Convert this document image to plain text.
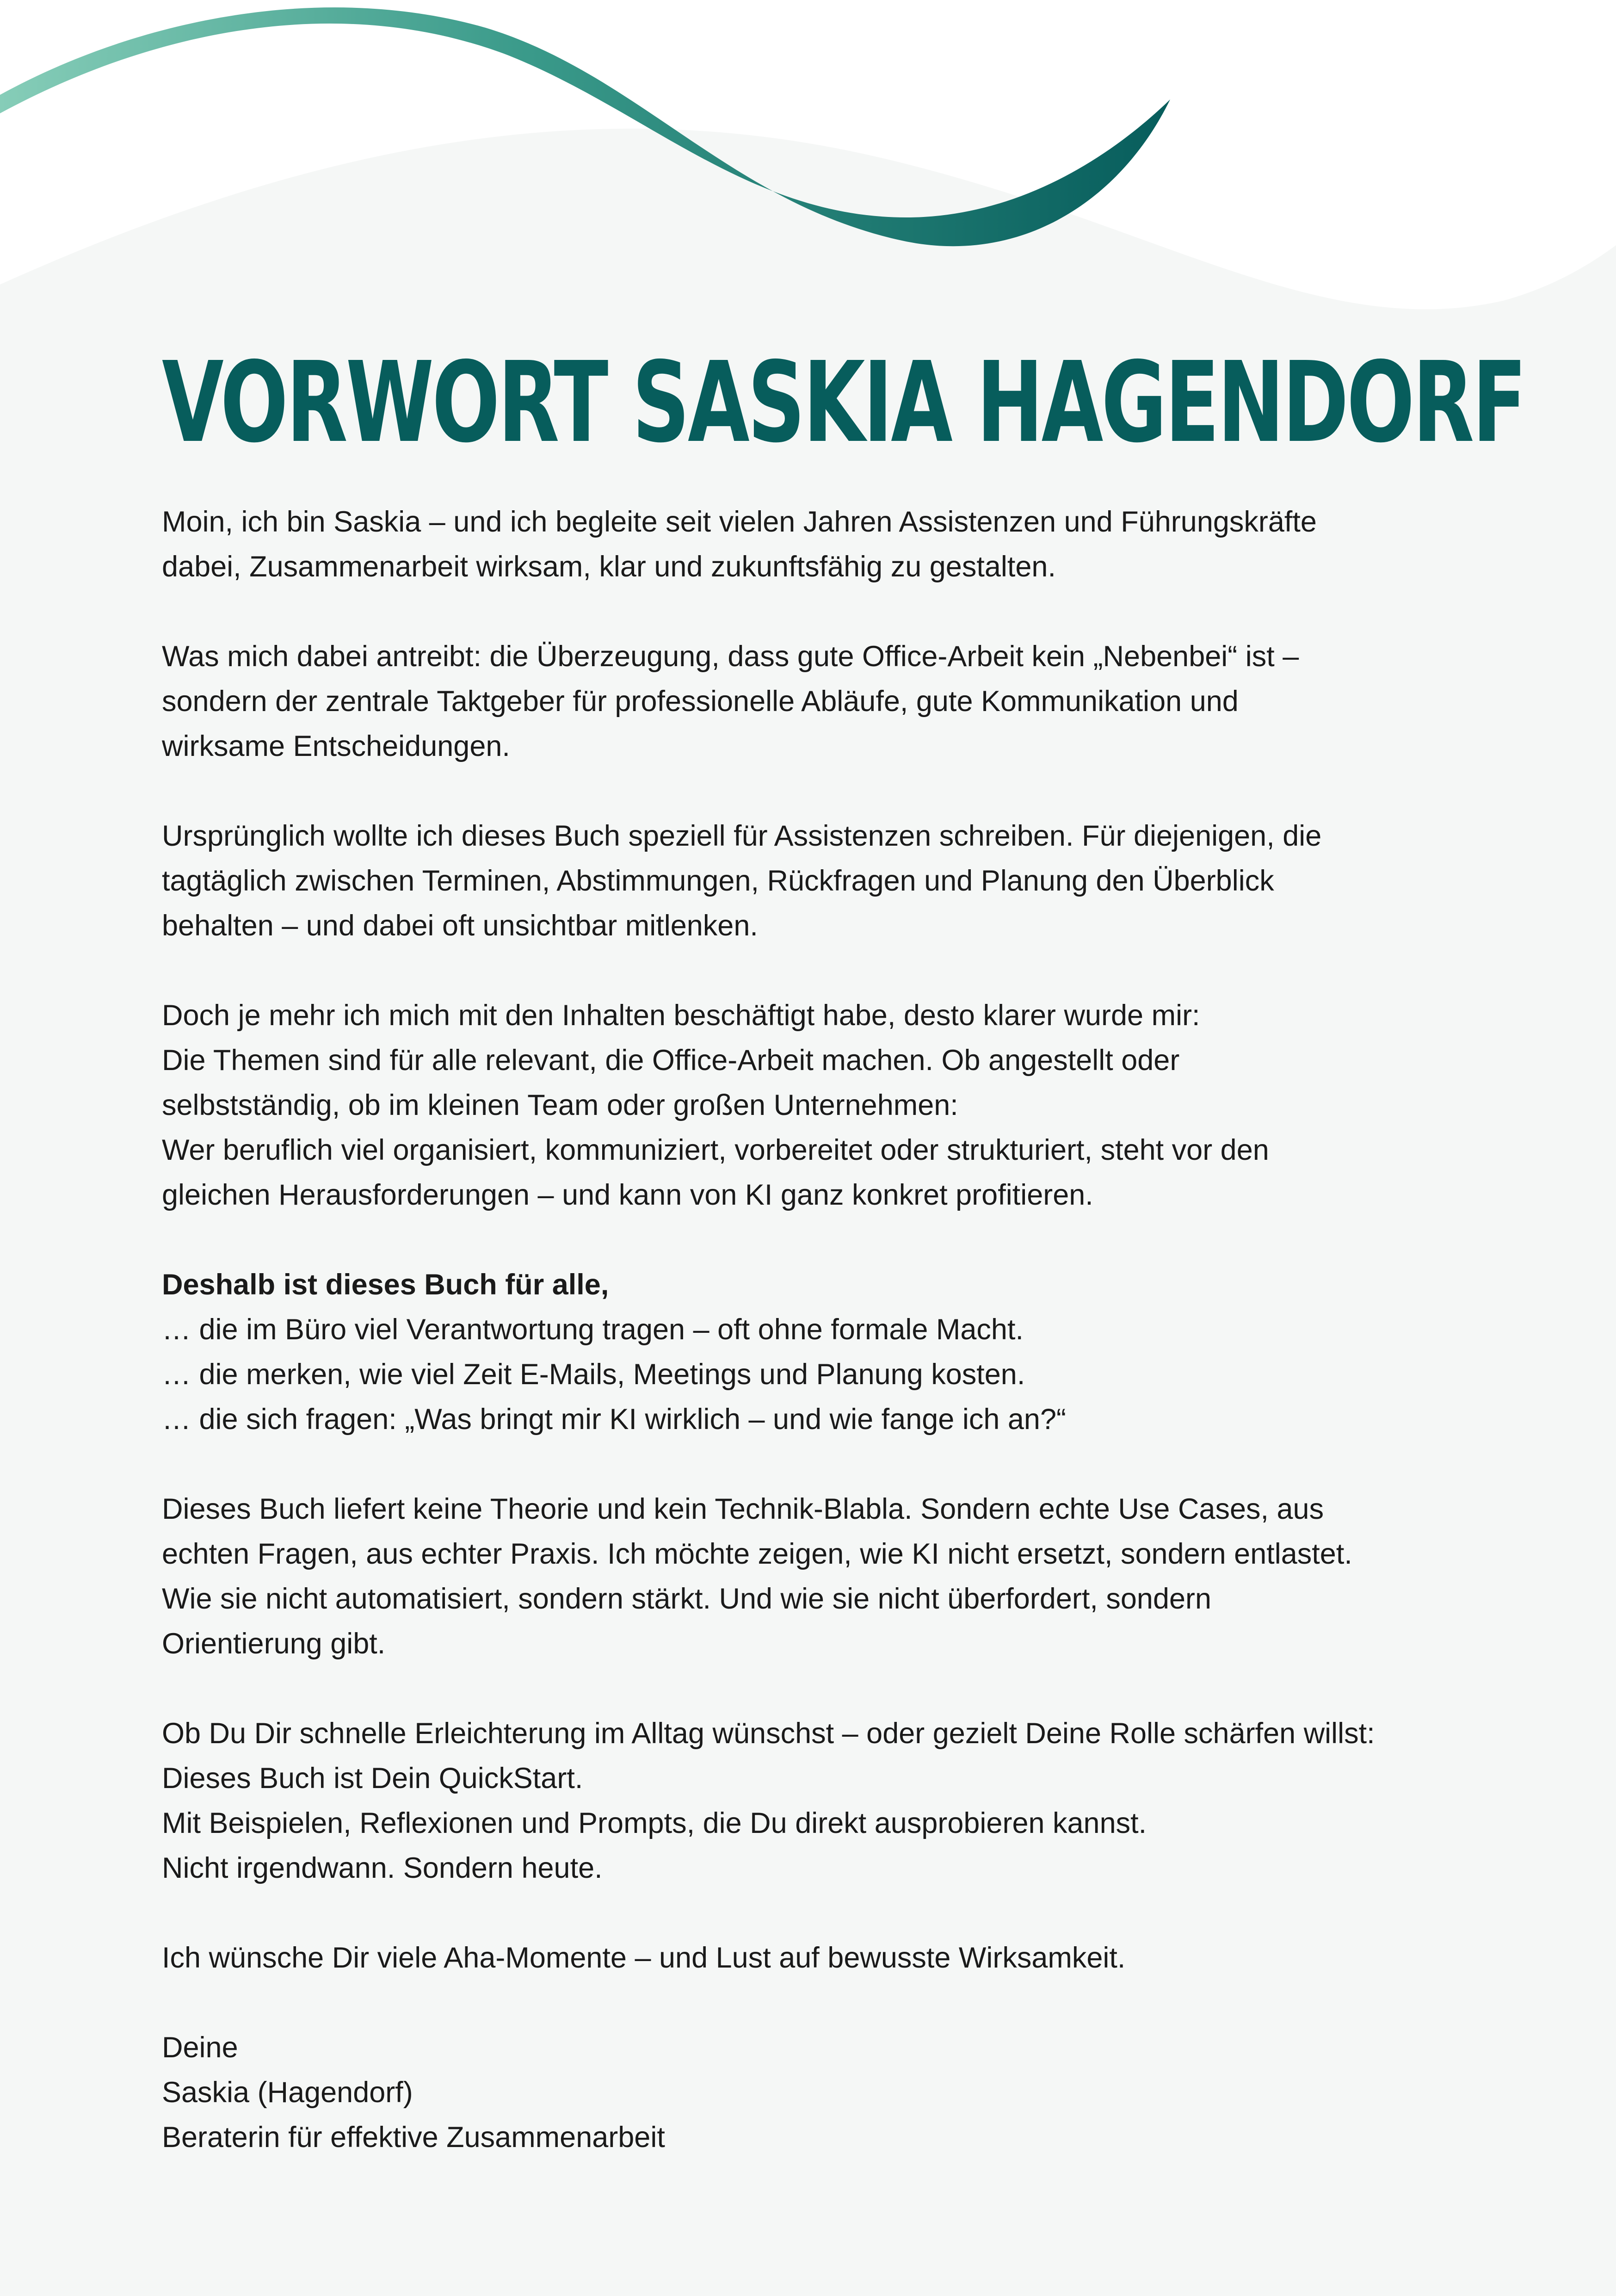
VORWORT SASKIA HAGENDORF

Moin, ich bin Saskia – und ich begleite seit vielen Jahren Assistenzen und Führungskräfte
dabei, Zusammenarbeit wirksam, klar und zukunftsfähig zu gestalten.

Was mich dabei antreibt: die Überzeugung, dass gute Office-Arbeit kein „Nebenbei“ ist –
sondern der zentrale Taktgeber für professionelle Abläufe, gute Kommunikation und
wirksame Entscheidungen.

Ursprünglich wollte ich dieses Buch speziell für Assistenzen schreiben. Für diejenigen, die
tagtäglich zwischen Terminen, Abstimmungen, Rückfragen und Planung den Überblick
behalten – und dabei oft unsichtbar mitlenken.

Doch je mehr ich mich mit den Inhalten beschäftigt habe, desto klarer wurde mir:
Die Themen sind für alle relevant, die Office-Arbeit machen. Ob angestellt oder
selbstständig, ob im kleinen Team oder großen Unternehmen:
Wer beruflich viel organisiert, kommuniziert, vorbereitet oder strukturiert, steht vor den
gleichen Herausforderungen – und kann von KI ganz konkret profitieren.

Deshalb ist dieses Buch für alle,
… die im Büro viel Verantwortung tragen – oft ohne formale Macht.
… die merken, wie viel Zeit E-Mails, Meetings und Planung kosten.
… die sich fragen: „Was bringt mir KI wirklich – und wie fange ich an?“

Dieses Buch liefert keine Theorie und kein Technik-Blabla. Sondern echte Use Cases, aus
echten Fragen, aus echter Praxis. Ich möchte zeigen, wie KI nicht ersetzt, sondern entlastet.
Wie sie nicht automatisiert, sondern stärkt. Und wie sie nicht überfordert, sondern
Orientierung gibt.

Ob Du Dir schnelle Erleichterung im Alltag wünschst – oder gezielt Deine Rolle schärfen willst:
Dieses Buch ist Dein QuickStart.
Mit Beispielen, Reflexionen und Prompts, die Du direkt ausprobieren kannst.
Nicht irgendwann. Sondern heute.

Ich wünsche Dir viele Aha-Momente – und Lust auf bewusste Wirksamkeit.

Deine
Saskia (Hagendorf)
Beraterin für effektive Zusammenarbeit
